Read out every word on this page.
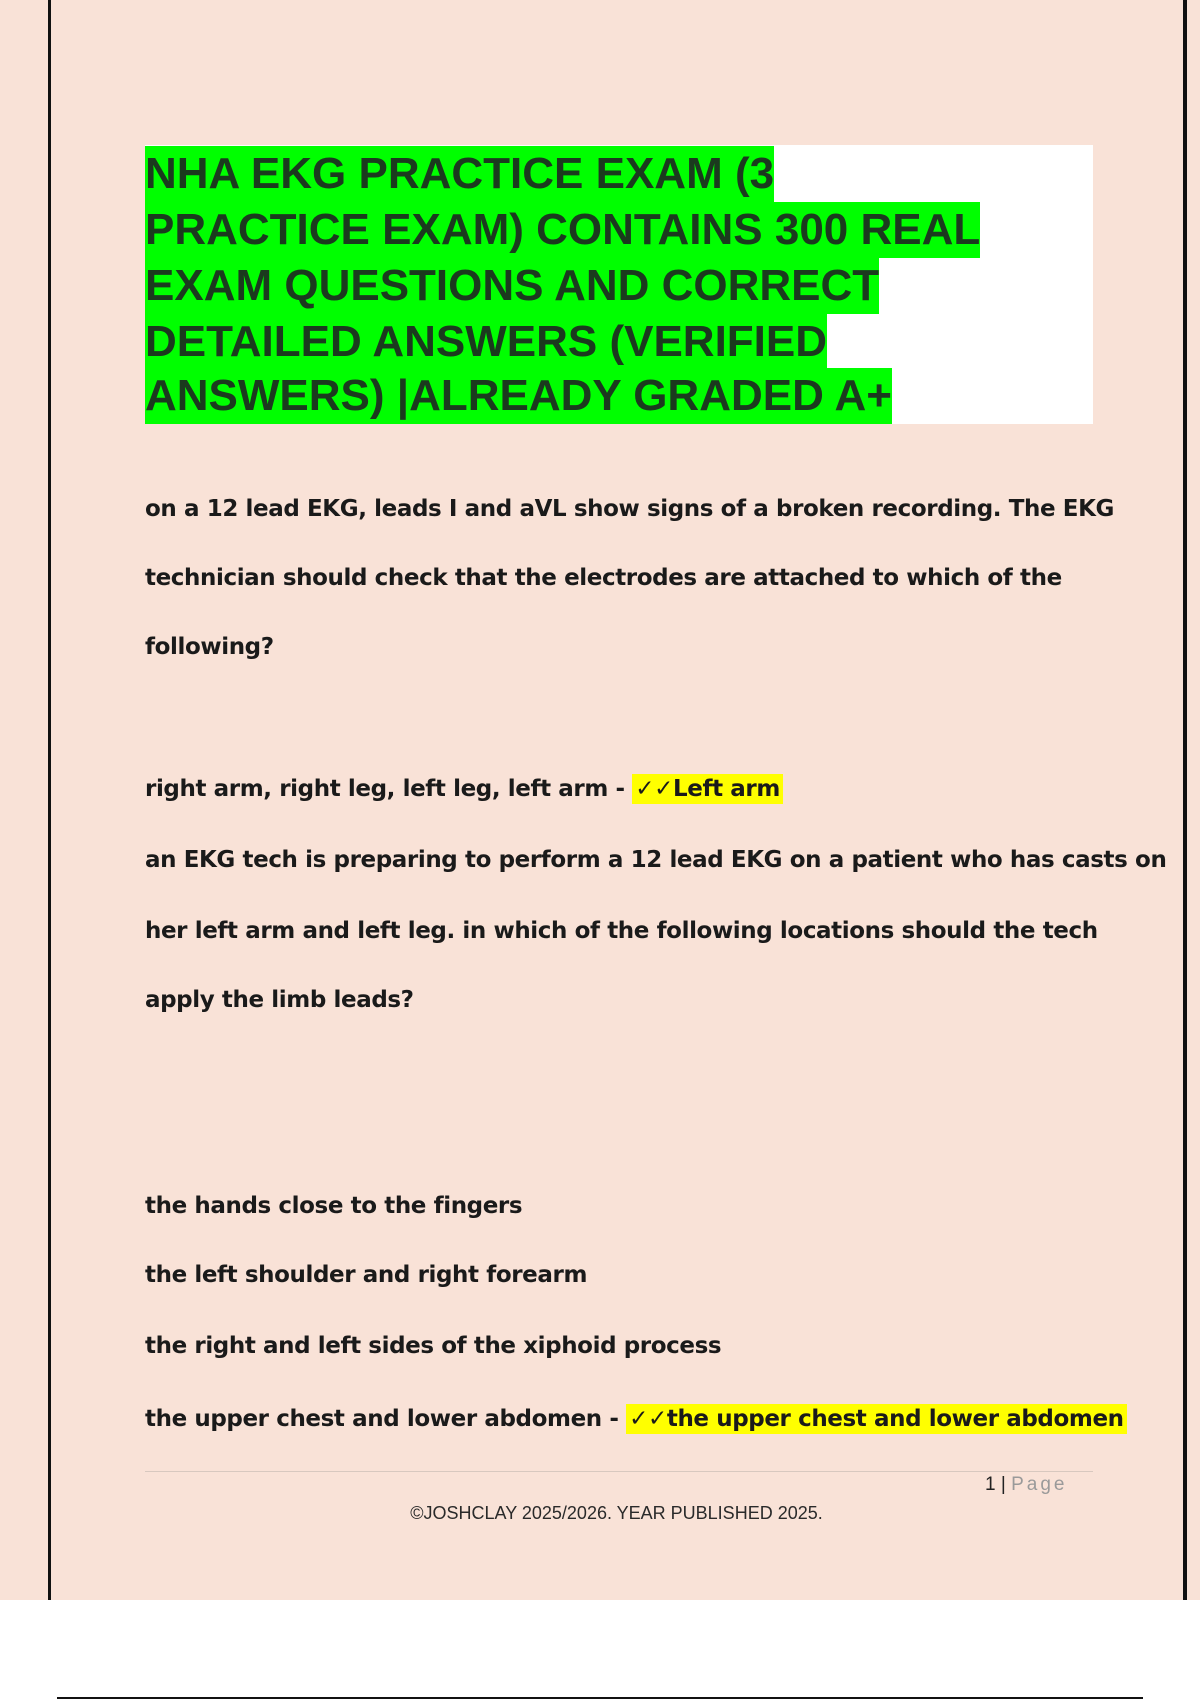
NHA EKG PRACTICE EXAM (3
PRACTICE EXAM) CONTAINS 300 REAL
EXAM QUESTIONS AND CORRECT
DETAILED ANSWERS (VERIFIED
ANSWERS) |ALREADY GRADED A+
on a 12 lead EKG, leads I and aVL show signs of a broken recording. The EKG
technician should check that the electrodes are attached to which of the
following?
right arm, right leg, left leg, left arm - ✓✓Left arm
an EKG tech is preparing to perform a 12 lead EKG on a patient who has casts on
her left arm and left leg. in which of the following locations should the tech
apply the limb leads?
the hands close to the fingers
the left shoulder and right forearm
the right and left sides of the xiphoid process
the upper chest and lower abdomen - ✓✓the upper chest and lower abdomen
1 | Page
©JOSHCLAY 2025/2026. YEAR PUBLISHED 2025.
